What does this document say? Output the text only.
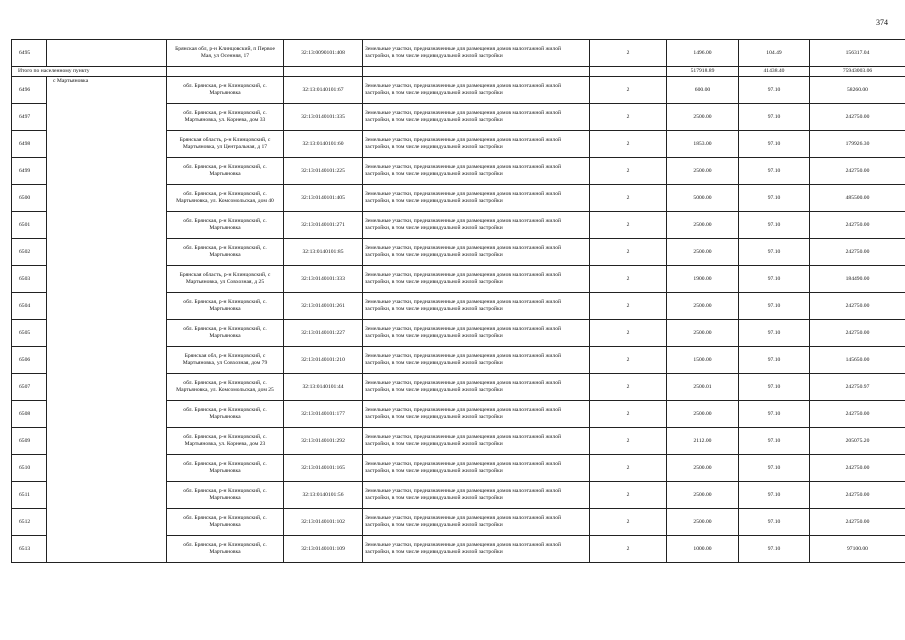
374
6495		Брянская обл, р-н Клинцовский, п Первое Мая, ул Осенняя, 17	32:13:0090101:408	Земельные участки, предназначенные для размещения домов малоэтажной жилой застройки, в том числе индивидуальной жилой застройки	2	1496.00	104.49	156317.04
Итого по населенному пункту						517918.89	41438.40	75943003.06
6496	с Мартьяновка	обл. Брянская, р-н Клинцовский, с. Мартьяновка	32:13:0140101:67	Земельные участки, предназначенные для размещения домов малоэтажной жилой застройки, в том числе индивидуальной жилой застройки	2	600.00	97.10	58260.00
6497		обл. Брянская, р-н Клинцовский, с. Мартьяновка, ул. Корнева, дом 33	32:13:0140101:335	Земельные участки, предназначенные для размещения домов малоэтажной жилой застройки, в том числе индивидуальной жилой застройки	2	2500.00	97.10	242750.00
6498		Брянская область, р-н Клинцовский, с Мартьяновка, ул Центральная, д 17	32:13:0140101:60	Земельные участки, предназначенные для размещения домов малоэтажной жилой застройки, в том числе индивидуальной жилой застройки	2	1853.00	97.10	179926.30
6499		обл. Брянская, р-н Клинцовский, с. Мартьяновка	32:13:0140101:225	Земельные участки, предназначенные для размещения домов малоэтажной жилой застройки, в том числе индивидуальной жилой застройки	2	2500.00	97.10	242750.00
6500		обл. Брянская, р-н Клинцовский, с. Мартьяновка, ул. Комсомольская, дом 40	32:13:0140101:405	Земельные участки, предназначенные для размещения домов малоэтажной жилой застройки, в том числе индивидуальной жилой застройки	2	5000.00	97.10	485500.00
6501		обл. Брянская, р-н Клинцовский, с. Мартьяновка	32:13:0140101:271	Земельные участки, предназначенные для размещения домов малоэтажной жилой застройки, в том числе индивидуальной жилой застройки	2	2500.00	97.10	242750.00
6502		обл. Брянская, р-н Клинцовский, с. Мартьяновка	32:13:0140101:85	Земельные участки, предназначенные для размещения домов малоэтажной жилой застройки, в том числе индивидуальной жилой застройки	2	2500.00	97.10	242750.00
6503		Брянская область, р-н Клинцовский, с Мартьяновка, ул Совхозная, д 25	32:13:0140101:333	Земельные участки, предназначенные для размещения домов малоэтажной жилой застройки, в том числе индивидуальной жилой застройки	2	1900.00	97.10	184490.00
6504		обл. Брянская, р-н Клинцовский, с. Мартьяновка	32:13:0140101:261	Земельные участки, предназначенные для размещения домов малоэтажной жилой застройки, в том числе индивидуальной жилой застройки	2	2500.00	97.10	242750.00
6505		обл. Брянская, р-н Клинцовский, с. Мартьяновка	32:13:0140101:227	Земельные участки, предназначенные для размещения домов малоэтажной жилой застройки, в том числе индивидуальной жилой застройки	2	2500.00	97.10	242750.00
6506		Брянская обл, р-н Клинцовский, с Мартьяновка, ул Совхозная, дом 79	32:13:0140101:210	Земельные участки, предназначенные для размещения домов малоэтажной жилой застройки, в том числе индивидуальной жилой застройки	2	1500.00	97.10	145650.00
6507		обл. Брянская, р-н Клинцовский, с. Мартьяновка, ул. Комсомольская, дом 25	32:13:0140101:44	Земельные участки, предназначенные для размещения домов малоэтажной жилой застройки, в том числе индивидуальной жилой застройки	2	2500.01	97.10	242750.97
6508		обл. Брянская, р-н Клинцовский, с. Мартьяновка	32:13:0140101:177	Земельные участки, предназначенные для размещения домов малоэтажной жилой застройки, в том числе индивидуальной жилой застройки	2	2500.00	97.10	242750.00
6509		обл. Брянская, р-н Клинцовский, с. Мартьяновка, ул. Корнева, дом 23	32:13:0140101:292	Земельные участки, предназначенные для размещения домов малоэтажной жилой застройки, в том числе индивидуальной жилой застройки	2	2112.00	97.10	205075.20
6510		обл. Брянская, р-н Клинцовский, с. Мартьяновка	32:13:0140101:165	Земельные участки, предназначенные для размещения домов малоэтажной жилой застройки, в том числе индивидуальной жилой застройки	2	2500.00	97.10	242750.00
6511		обл. Брянская, р-н Клинцовский, с. Мартьяновка	32:13:0140101:56	Земельные участки, предназначенные для размещения домов малоэтажной жилой застройки, в том числе индивидуальной жилой застройки	2	2500.00	97.10	242750.00
6512		обл. Брянская, р-н Клинцовский, с. Мартьяновка	32:13:0140101:102	Земельные участки, предназначенные для размещения домов малоэтажной жилой застройки, в том числе индивидуальной жилой застройки	2	2500.00	97.10	242750.00
6513		обл. Брянская, р-н Клинцовский, с. Мартьяновка	32:13:0140101:109	Земельные участки, предназначенные для размещения домов малоэтажной жилой застройки, в том числе индивидуальной жилой застройки	2	1000.00	97.10	97100.00
